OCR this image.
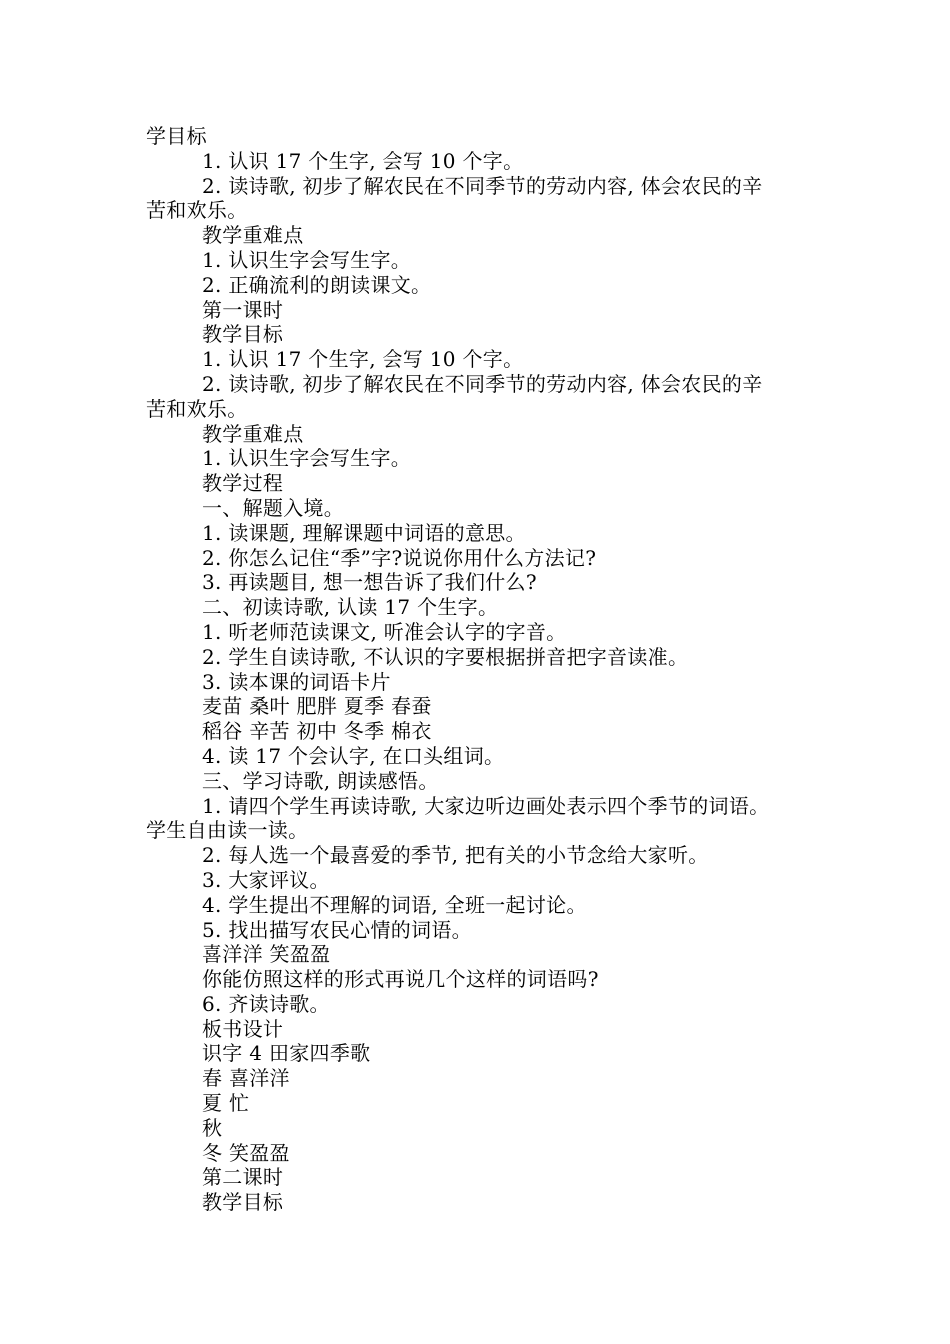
学目标
1. 认识 17 个生字, 会写 10 个字。
2. 读诗歌, 初步了解农民在不同季节的劳动内容, 体会农民的辛
苦和欢乐。
教学重难点
1. 认识生字会写生字。
2. 正确流利的朗读课文。
第一课时
教学目标
1. 认识 17 个生字, 会写 10 个字。
2. 读诗歌, 初步了解农民在不同季节的劳动内容, 体会农民的辛
苦和欢乐。
教学重难点
1. 认识生字会写生字。
教学过程
一、解题入境。
1. 读课题, 理解课题中词语的意思。
2. 你怎么记住“季”字?说说你用什么方法记?
3. 再读题目, 想一想告诉了我们什么?
二、初读诗歌, 认读 17 个生字。
1. 听老师范读课文, 听准会认字的字音。
2. 学生自读诗歌, 不认识的字要根据拼音把字音读准。
3. 读本课的词语卡片
麦苗 桑叶 肥胖 夏季 春蚕
稻谷 辛苦 初中 冬季 棉衣
4. 读 17 个会认字, 在口头组词。
三、学习诗歌, 朗读感悟。
1. 请四个学生再读诗歌, 大家边听边画处表示四个季节的词语。
学生自由读一读。
2. 每人选一个最喜爱的季节, 把有关的小节念给大家听。
3. 大家评议。
4. 学生提出不理解的词语, 全班一起讨论。
5. 找出描写农民心情的词语。
喜洋洋 笑盈盈
你能仿照这样的形式再说几个这样的词语吗?
6. 齐读诗歌。
板书设计
识字 4 田家四季歌
春 喜洋洋
夏 忙
秋
冬 笑盈盈
第二课时
教学目标
